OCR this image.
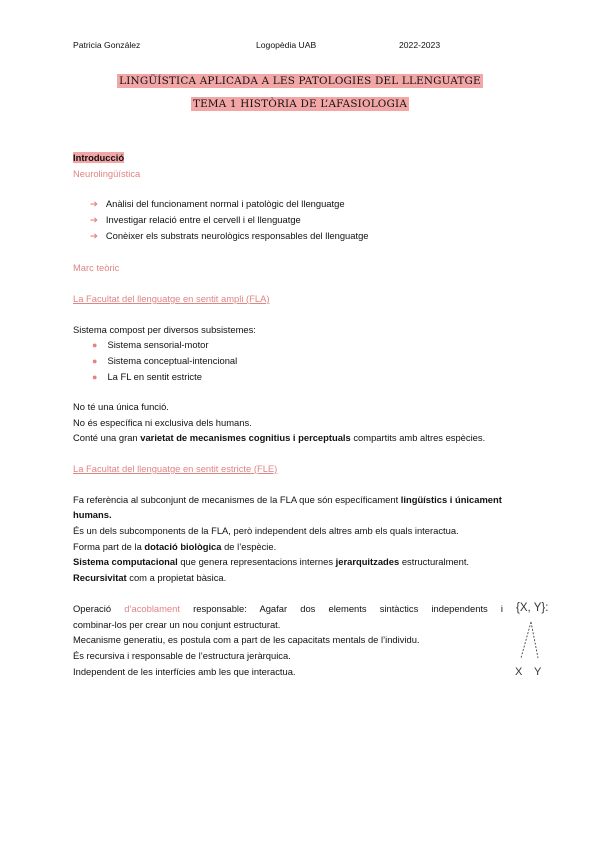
Patricia González	Logopèdia UAB	2022-2023
LINGÜÍSTICA APLICADA A LES PATOLOGIES DEL LLENGUATGE
TEMA 1 HISTÒRIA DE L’AFASIOLOGIA
Introducció
Neurolingüística
➔ Anàlisi del funcionament normal i patològic del llenguatge
➔ Investigar relació entre el cervell i el llenguatge
➔ Conèixer els substrats neurològics responsables del llenguatge
Marc teòric
La Facultat del llenguatge en sentit ampli (FLA)
Sistema compost per diversos subsistemes:
● Sistema sensorial-motor
● Sistema conceptual-intencional
● La FL en sentit estricte
No té una única funció.
No és específica ni exclusiva dels humans.
Conté una gran varietat de mecanismes cognitius i perceptuals compartits amb altres espècies.
La Facultat del llenguatge en sentit estricte (FLE)
Fa referència al subconjunt de mecanismes de la FLA que són específicament lingüístics i únicament
humans.
És un dels subcomponents de la FLA, però independent dels altres amb els quals interactua.
Forma part de la dotació biològica de l’espècie.
Sistema computacional que genera representacions internes jerarquitzades estructuralment.
Recursivitat com a propietat bàsica.
Operació d’acoblament responsable: Agafar dos elements sintàctics independents i
combinar-los per crear un nou conjunt estructurat.
Mecanisme generatiu, es postula com a part de les capacitats mentals de l’individu.
És recursiva i responsable de l’estructura jeràrquica.
Independent de les interfícies amb les que interactua.
{X, Y}:
X Y
